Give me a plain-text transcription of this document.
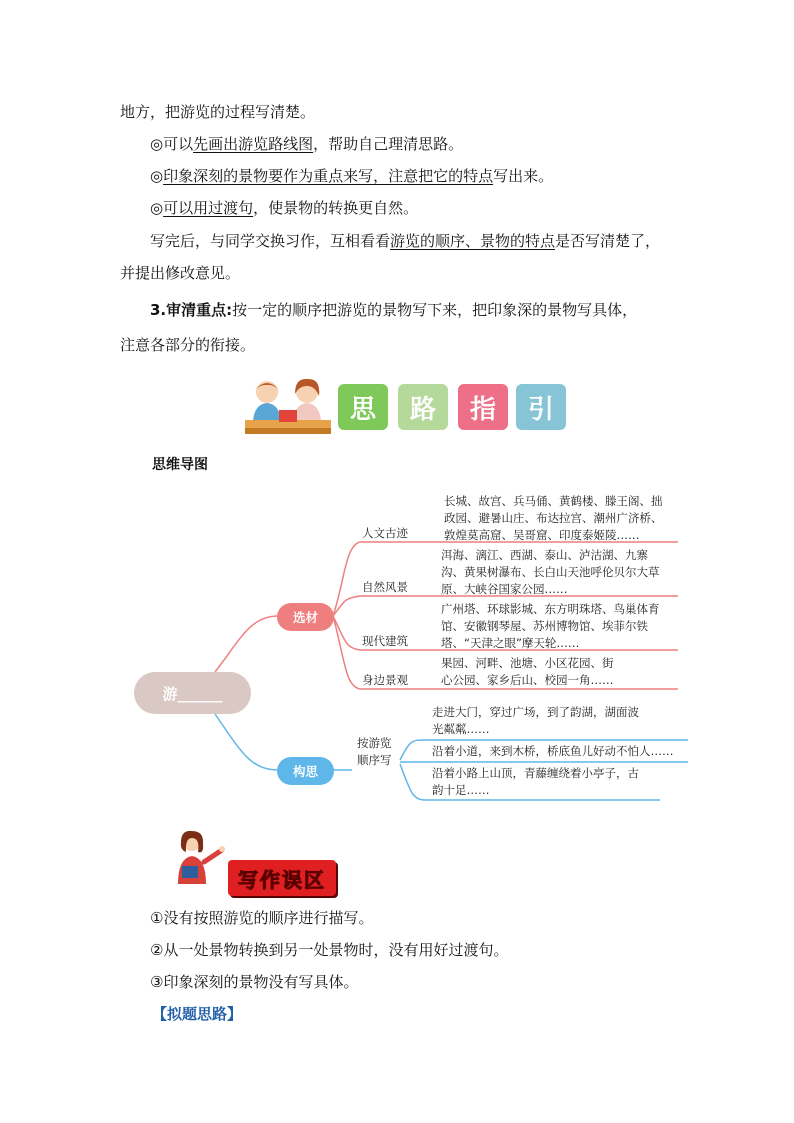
地方，把游览的过程写清楚。
◎可以先画出游览路线图，帮助自己理清思路。
◎印象深刻的景物要作为重点来写，注意把它的特点写出来。
◎可以用过渡句，使景物的转换更自然。
写完后，与同学交换习作，互相看看游览的顺序、景物的特点是否写清楚了，
并提出修改意见。
3.审清重点:按一定的顺序把游览的景物写下来，把印象深的景物写具体，
注意各部分的衔接。
思	路	指	引
思维导图
游______
选材
构思
人文古迹
自然风景
现代建筑
身边景观
长城、故宫、兵马俑、黄鹤楼、滕王阁、拙
政园、避暑山庄、布达拉宫、潮州广济桥、
敦煌莫高窟、吴哥窟、印度泰姬陵……
洱海、漓江、西湖、泰山、泸沽湖、九寨
沟、黄果树瀑布、长白山天池呼伦贝尔大草
原、大峡谷国家公园……
广州塔、环球影城、东方明珠塔、鸟巢体育
馆、安徽钢琴屋、苏州博物馆、埃菲尔铁
塔、“天津之眼”摩天轮……
果园、河畔、池塘、小区花园、街
心公园、家乡后山、校园一角……
按游览
顺序写
走进大门，穿过广场，到了韵湖，湖面波
光粼粼……
沿着小道，来到木桥，桥底鱼儿好动不怕人……
沿着小路上山顶，青藤缠绕着小亭子，古
韵十足……
写作误区
①没有按照游览的顺序进行描写。
②从一处景物转换到另一处景物时，没有用好过渡句。
③印象深刻的景物没有写具体。
【拟题思路】
